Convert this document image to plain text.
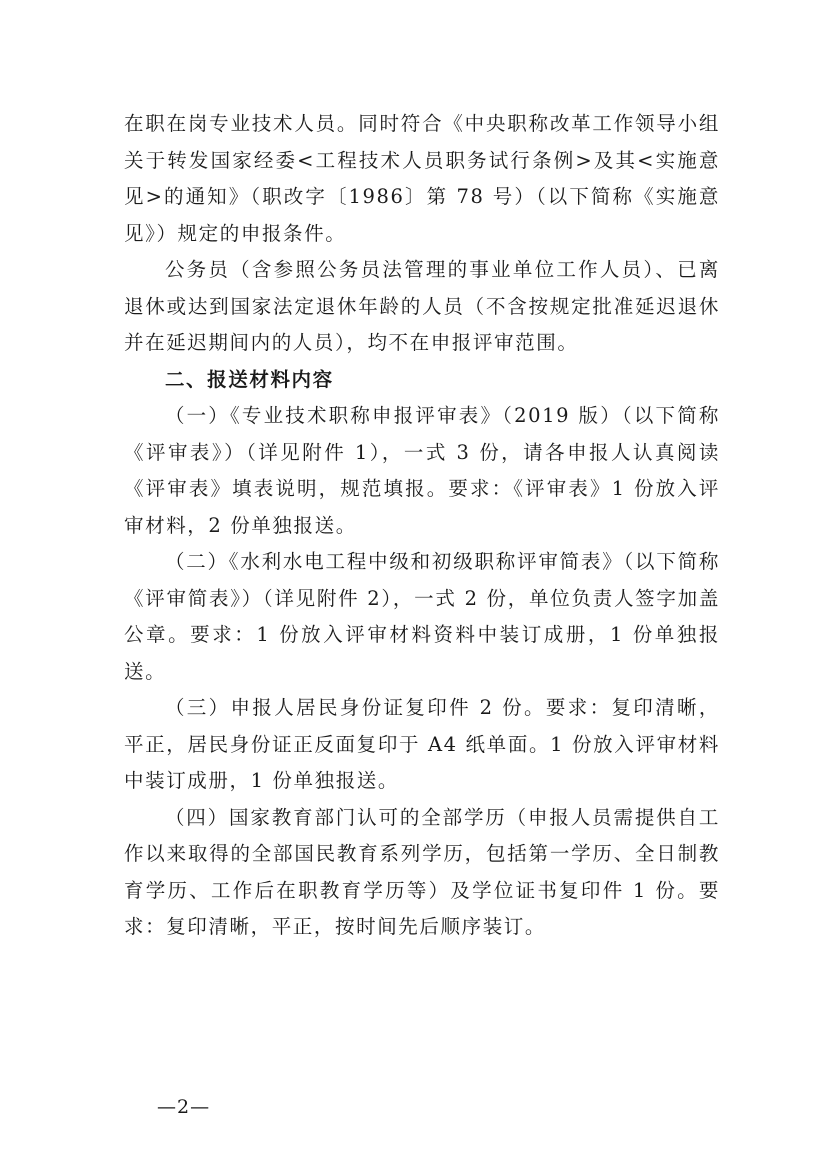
在职在岗专业技术人员。同时符合《中央职称改革工作领导小组关于转发国家经委<工程技术人员职务试行条例>及其<实施意见>的通知》（职改字〔1986〕第 78 号）（以下简称《实施意见》）规定的申报条件。

公务员（含参照公务员法管理的事业单位工作人员）、已离退休或达到国家法定退休年龄的人员（不含按规定批准延迟退休并在延迟期间内的人员），均不在申报评审范围。

二、报送材料内容

（一）《专业技术职称申报评审表》（2019 版）（以下简称《评审表》）（详见附件 1），一式 3 份，请各申报人认真阅读《评审表》填表说明，规范填报。要求：《评审表》1 份放入评审材料，2 份单独报送。

（二）《水利水电工程中级和初级职称评审简表》（以下简称《评审简表》）（详见附件 2），一式 2 份，单位负责人签字加盖公章。要求：1 份放入评审材料资料中装订成册，1 份单独报送。

（三）申报人居民身份证复印件 2 份。要求：复印清晰，平正，居民身份证正反面复印于 A4 纸单面。1 份放入评审材料中装订成册，1 份单独报送。

（四）国家教育部门认可的全部学历（申报人员需提供自工作以来取得的全部国民教育系列学历，包括第一学历、全日制教育学历、工作后在职教育学历等）及学位证书复印件 1 份。要求：复印清晰，平正，按时间先后顺序装订。

—2—
